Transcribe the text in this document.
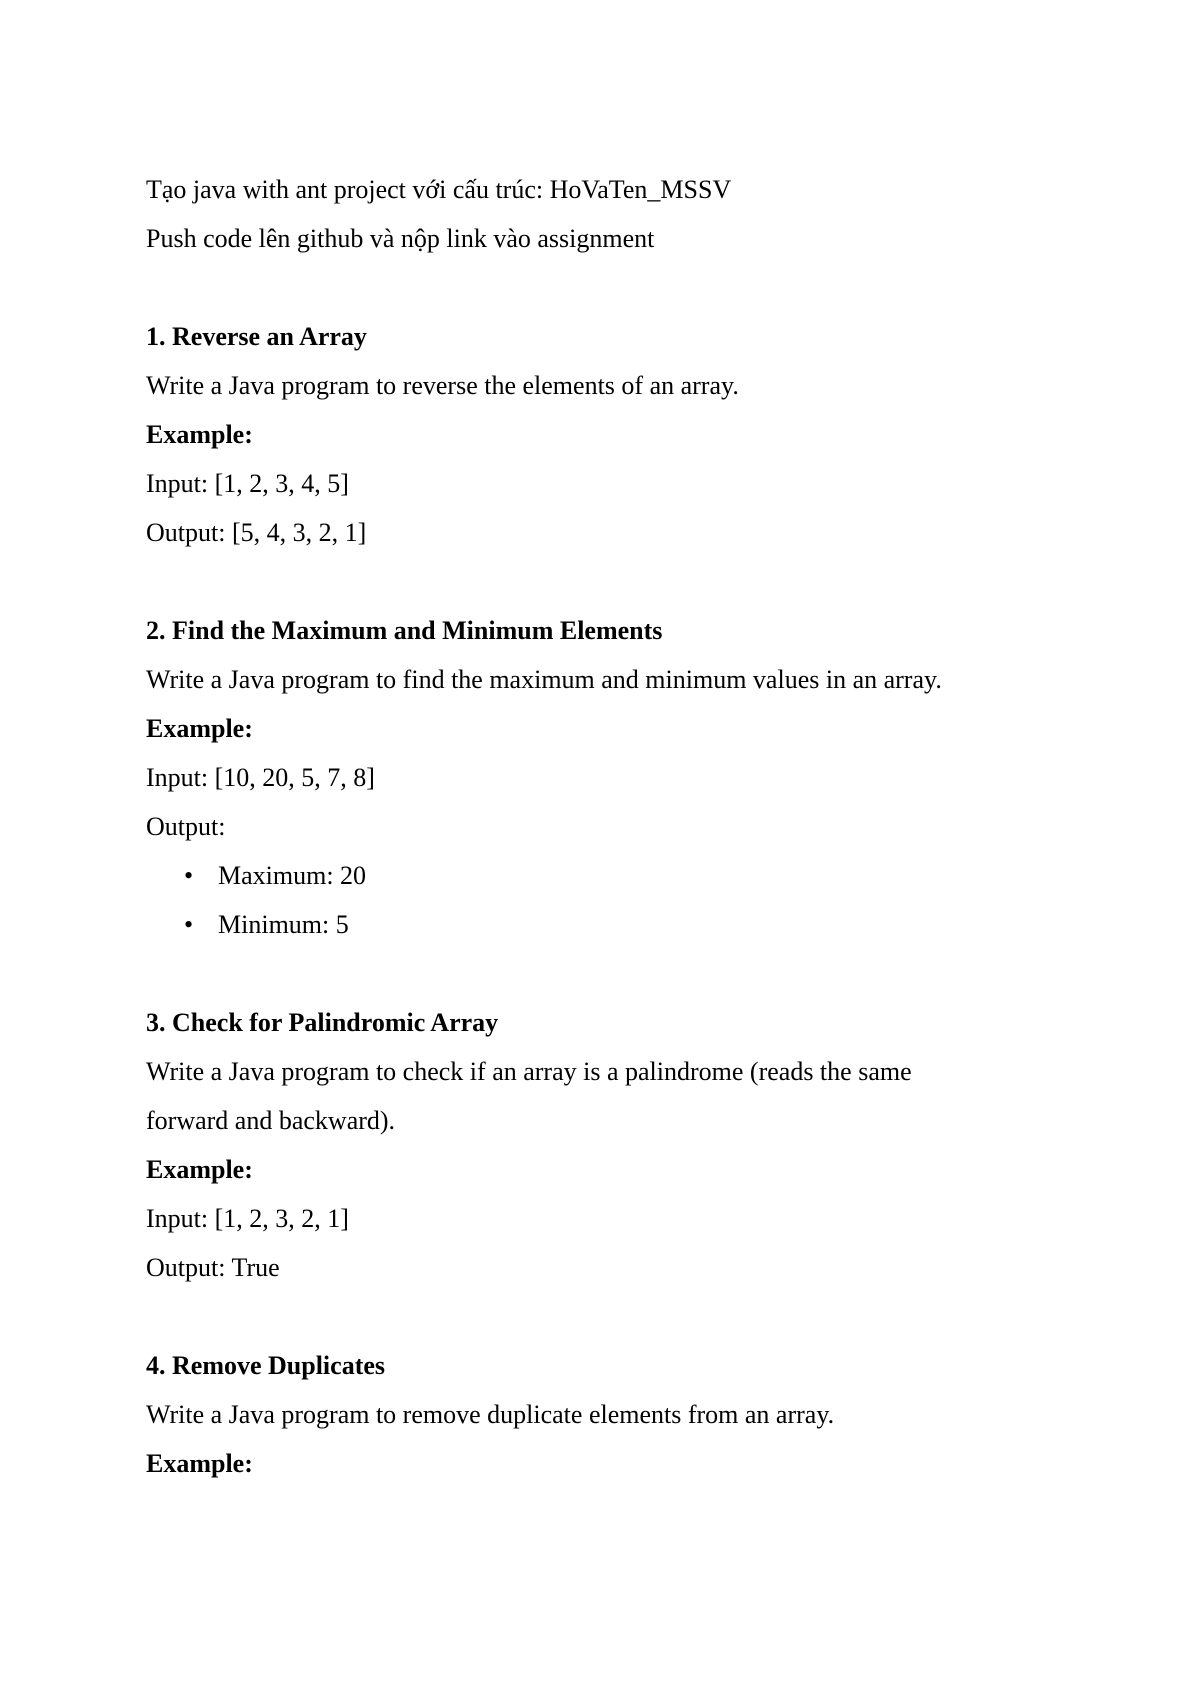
Tạo java with ant project với cấu trúc: HoVaTen_MSSV
Push code lên github và nộp link vào assignment
1. Reverse an Array
Write a Java program to reverse the elements of an array.
Example:
Input: [1, 2, 3, 4, 5]
Output: [5, 4, 3, 2, 1]
2. Find the Maximum and Minimum Elements
Write a Java program to find the maximum and minimum values in an array.
Example:
Input: [10, 20, 5, 7, 8]
Output:
• Maximum: 20
• Minimum: 5
3. Check for Palindromic Array
Write a Java program to check if an array is a palindrome (reads the same
forward and backward).
Example:
Input: [1, 2, 3, 2, 1]
Output: True
4. Remove Duplicates
Write a Java program to remove duplicate elements from an array.
Example:
